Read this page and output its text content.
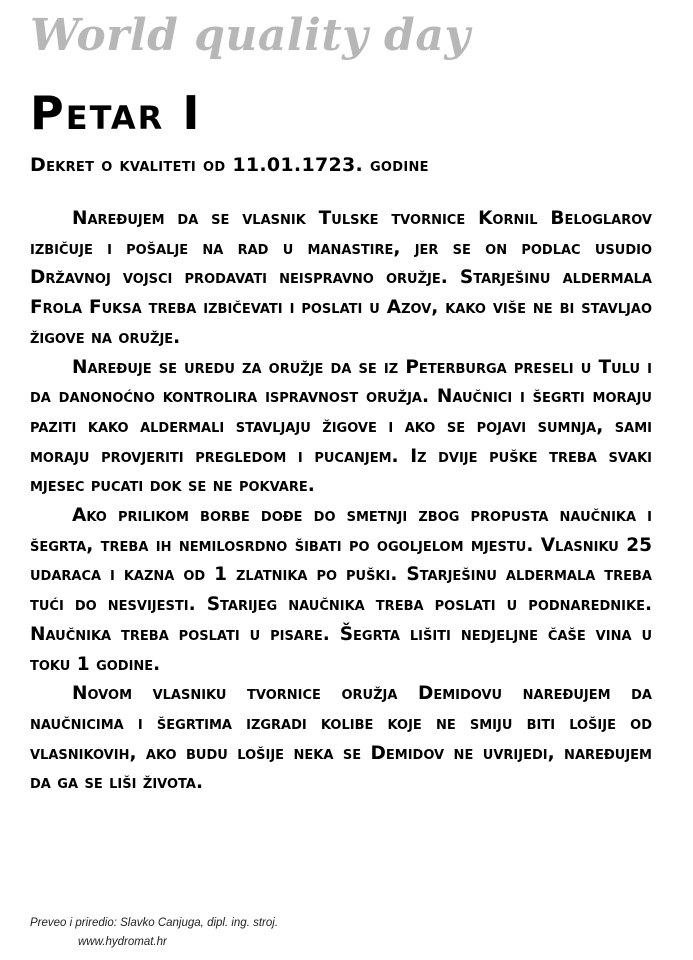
World quality day
Petar I
Dekret o kvaliteti od 11.01.1723. godine

Naređujem da se vlasnik Tulske tvornice Kornil Beloglarov izbičuje i pošalje na rad u manastire, jer se on podlac usudio Državnoj vojsci prodavati neispravno oružje. Starješinu aldermala Frola Fuksa treba izbičevati i poslati u Azov, kako više ne bi stavljao žigove na oružje.

Naređuje se uredu za oružje da se iz Peterburga preseli u Tulu i da danonoćno kontrolira ispravnost oružja. Naučnici i šegrti moraju paziti kako aldermali stavljaju žigove i ako se pojavi sumnja, sami moraju provjeriti pregledom i pucanjem. Iz dvije puške treba svaki mjesec pucati dok se ne pokvare.

Ako prilikom borbe dođe do smetnji zbog propusta naučnika i šegrta, treba ih nemilosrdno šibati po ogoljelom mjestu. Vlasniku 25 udaraca i kazna od 1 zlatnika po puški. Starješinu aldermala treba tući do nesvijesti. Starijeg naučnika treba poslati u podnarednike. Naučnika treba poslati u pisare. Šegrta lišiti nedjeljne čaše vina u toku 1 godine.

Novom vlasniku tvornice oružja Demidovu naređujem da naučnicima i šegrtima izgradi kolibe koje ne smiju biti lošije od vlasnikovih, ako budu lošije neka se Demidov ne uvrijedi, naređujem da ga se liši života.

Preveo i priredio: Slavko Canjuga, dipl. ing. stroj.
www.hydromat.hr
